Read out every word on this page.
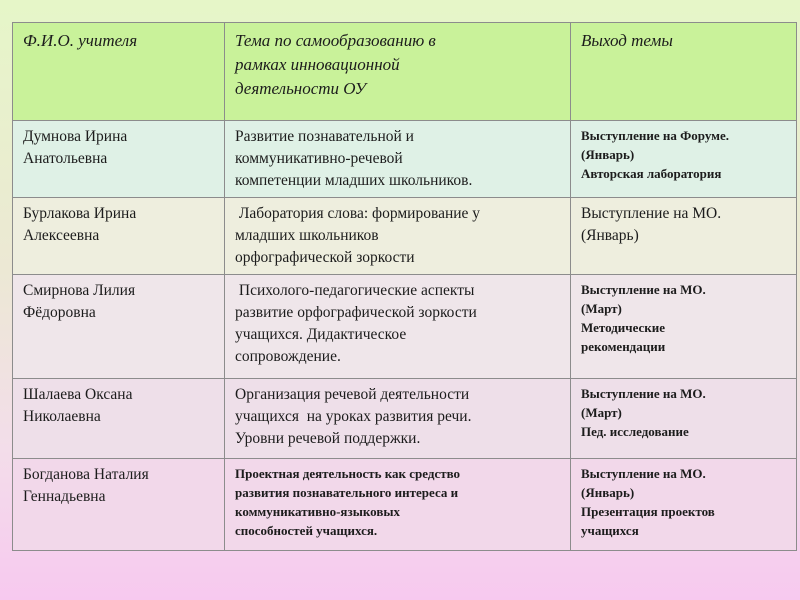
Ф.И.О. учителя	Тема по самообразованию в
рамках инновационной
деятельности ОУ	Выход темы

Думнова Ирина
Анатольевна	Развитие познавательной и
коммуникативно-речевой
компетенции младших школьников.	Выступление на Форуме.
(Январь)
Авторская лаборатория

Бурлакова Ирина
Алексеевна	Лаборатория слова: формирование у
младших школьников
орфографической зоркости	Выступление на МО.
(Январь)

Смирнова Лилия
Фёдоровна	Психолого-педагогические аспекты
развитие орфографической зоркости
учащихся. Дидактическое
сопровождение.	Выступление на МО.
(Март)
Методические
рекомендации

Шалаева Оксана
Николаевна	Организация речевой деятельности
учащихся  на уроках развития речи.
Уровни речевой поддержки.	Выступление на МО.
(Март)
Пед. исследование

Богданова Наталия
Геннадьевна	Проектная деятельность как средство
развития познавательного интереса и
коммуникативно-языковых
способностей учащихся.	Выступление на МО.
(Январь)
Презентация проектов
учащихся
